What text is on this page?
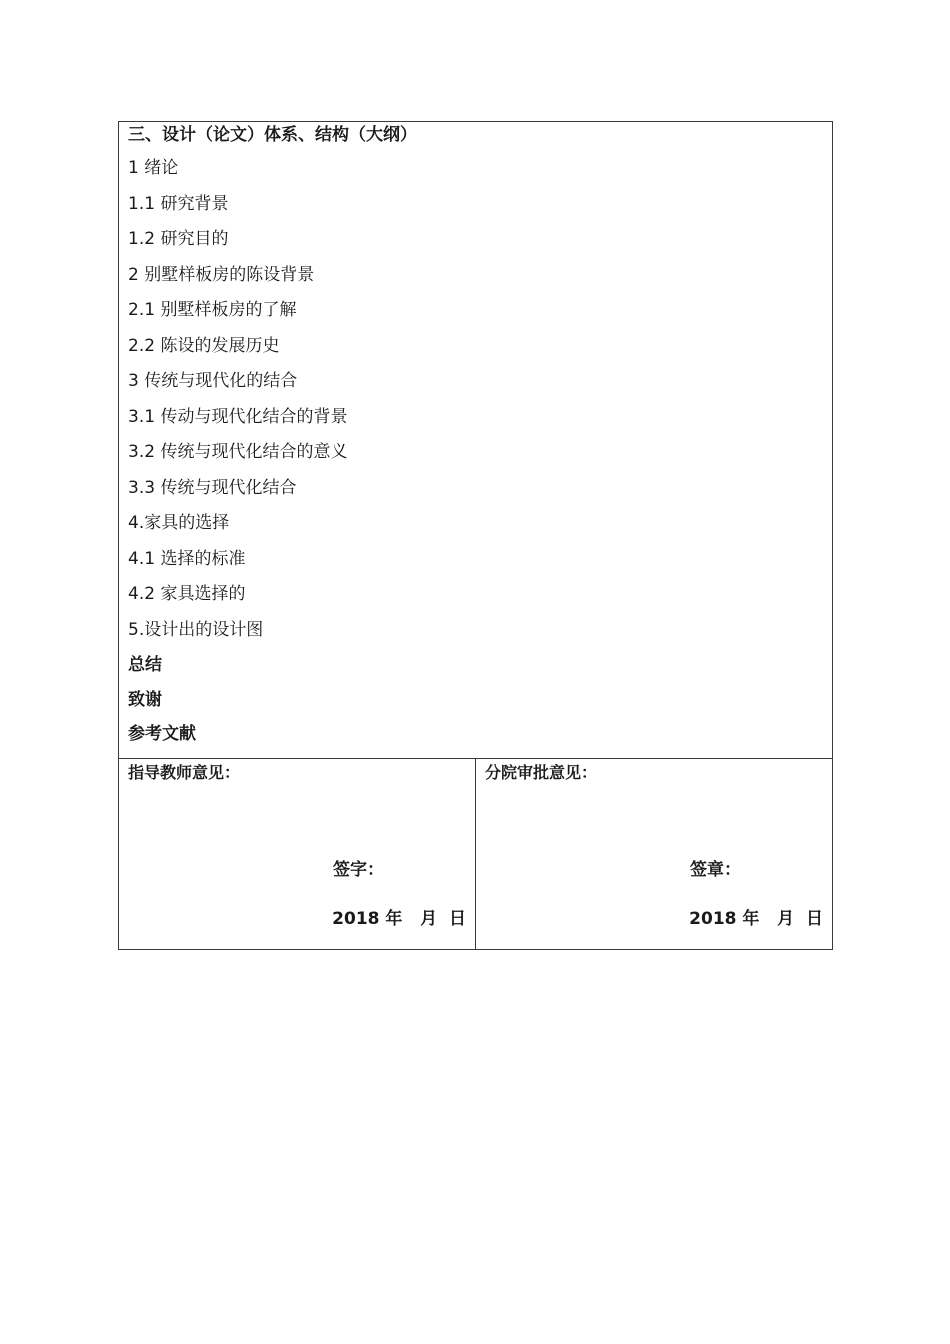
三、设计（论文）体系、结构（大纲）
1 绪论
1.1 研究背景
1.2 研究目的
2 别墅样板房的陈设背景
2.1 别墅样板房的了解
2.2 陈设的发展历史
3 传统与现代化的结合
3.1 传动与现代化结合的背景
3.2 传统与现代化结合的意义
3.3 传统与现代化结合
4.家具的选择
4.1 选择的标准
4.2 家具选择的
5.设计出的设计图
总结
致谢
参考文献

指导教师意见：
签字：
2018 年   月  日

分院审批意见：
签章：
2018 年   月  日
